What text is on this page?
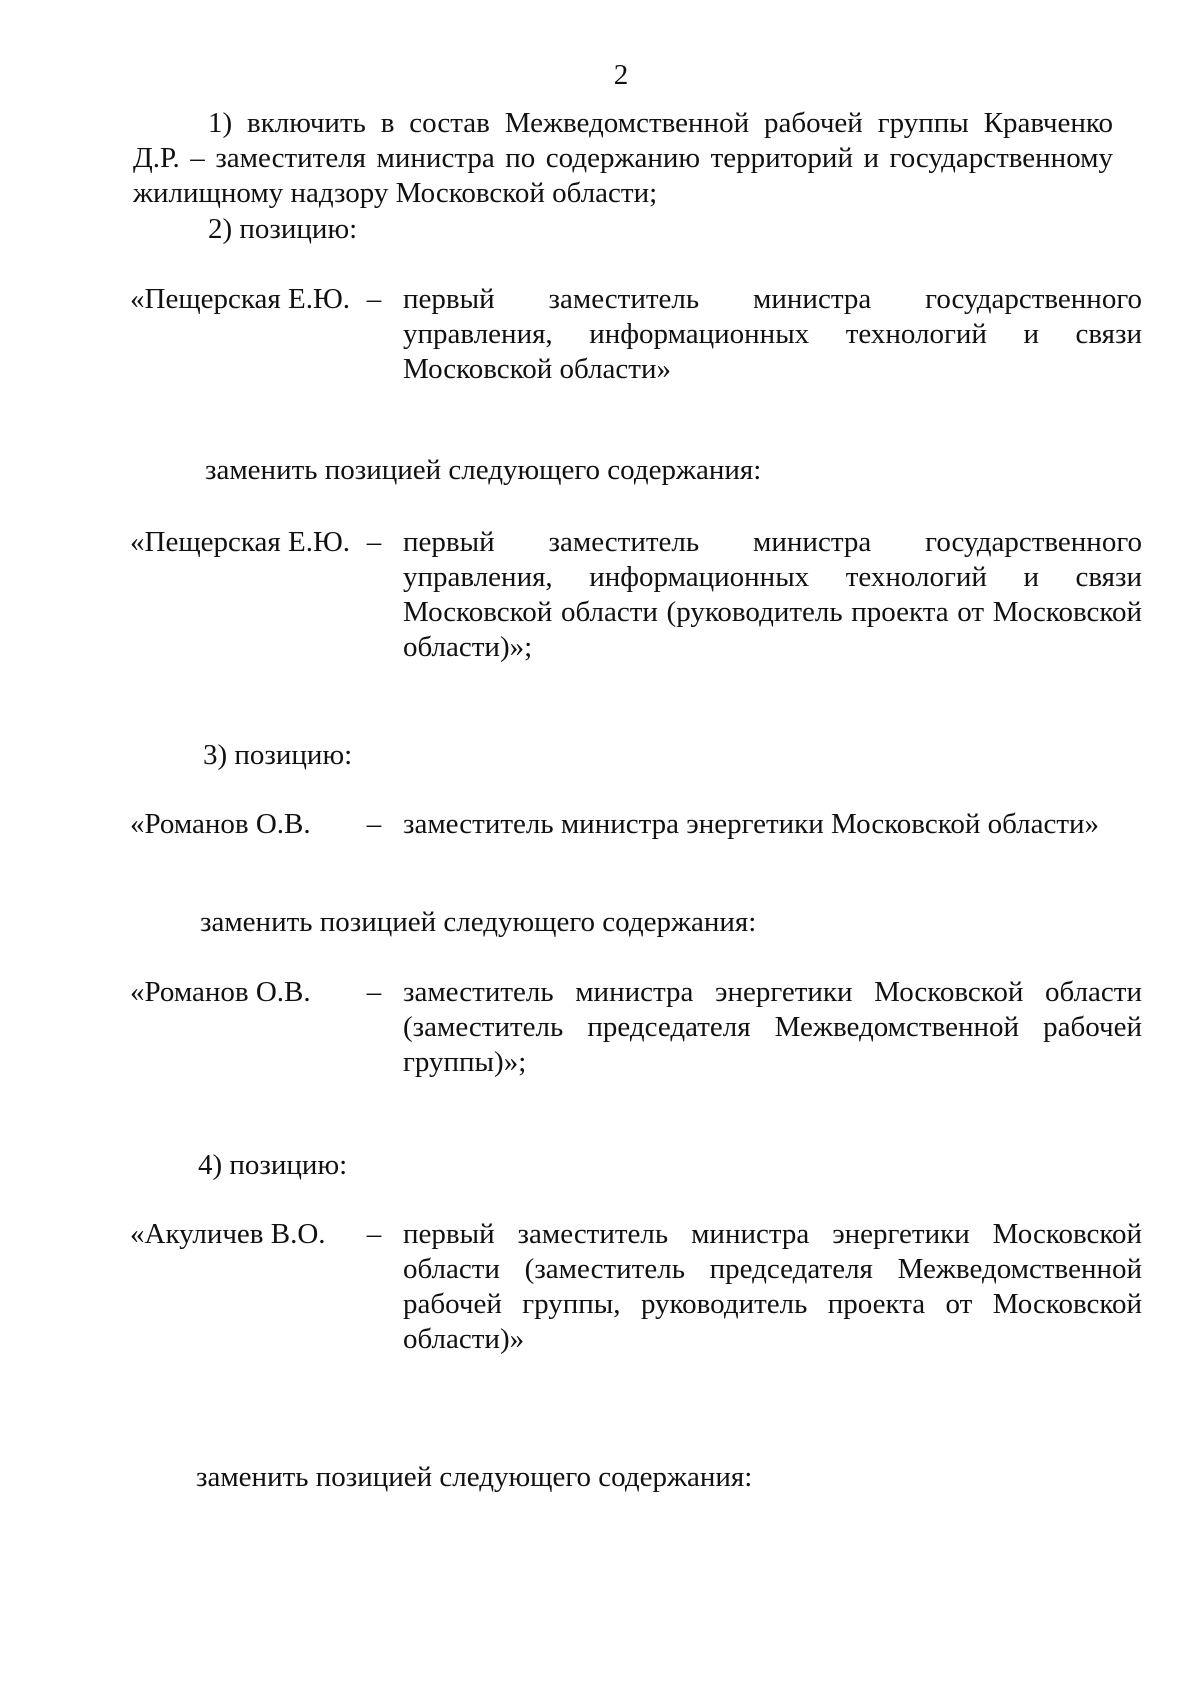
2
1) включить в состав Межведомственной рабочей группы Кравченко Д.Р. – заместителя министра по содержанию территорий и государственному жилищному надзору Московской области;
2) позицию:
«Пещерская Е.Ю. – первый заместитель министра государственного управления, информационных технологий и связи Московской области»
заменить позицией следующего содержания:
«Пещерская Е.Ю. – первый заместитель министра государственного управления, информационных технологий и связи Московской области (руководитель проекта от Московской области)»;
3) позицию:
«Романов О.В.	– заместитель министра энергетики Московской области»
заменить позицией следующего содержания:
«Романов О.В.	– заместитель министра энергетики Московской области (заместитель председателя Межведомственной рабочей группы)»;
4) позицию:
«Акуличев В.О.	– первый заместитель министра энергетики Московской области (заместитель председателя Межведомственной рабочей группы, руководитель проекта от Московской области)»
заменить позицией следующего содержания:
